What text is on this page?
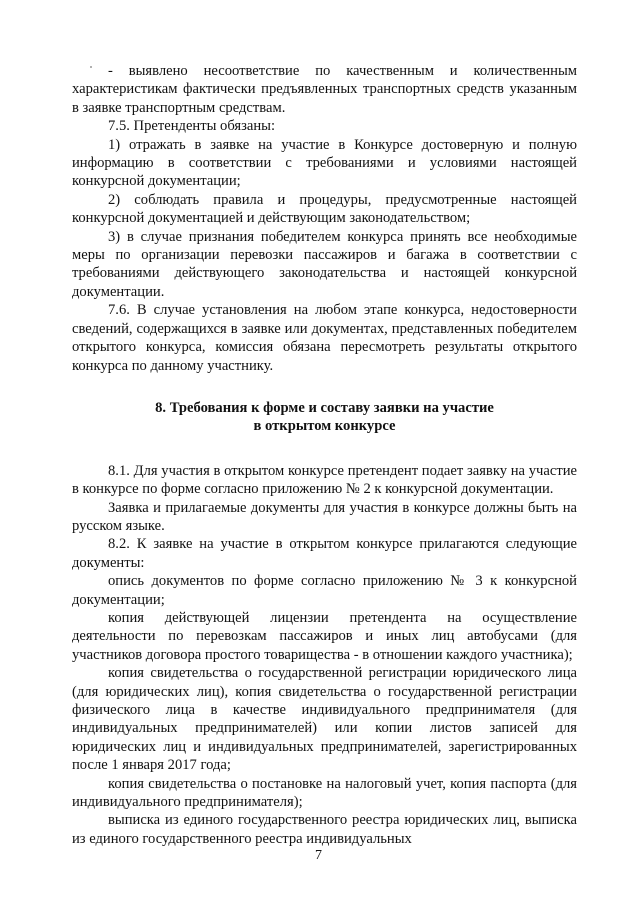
- выявлено несоответствие по качественным и количественным характеристикам фактически предъявленных транспортных средств указанным в заявке транспортным средствам.

7.5. Претенденты обязаны:

1) отражать в заявке на участие в Конкурсе достоверную и полную информацию в соответствии с требованиями и условиями настоящей конкурсной документации;

2) соблюдать правила и процедуры, предусмотренные настоящей конкурсной документацией и действующим законодательством;

3) в случае признания победителем конкурса принять все необходимые меры по организации перевозки пассажиров и багажа в соответствии с требованиями действующего законодательства и настоящей конкурсной документации.

7.6. В случае установления на любом этапе конкурса, недостоверности сведений, содержащихся в заявке или документах, представленных победителем открытого конкурса, комиссия обязана пересмотреть результаты открытого конкурса по данному участнику.

8. Требования к форме и составу заявки на участие
в открытом конкурсе

8.1. Для участия в открытом конкурсе претендент подает заявку на участие в конкурсе по форме согласно приложению № 2 к конкурсной документации.

Заявка и прилагаемые документы для участия в конкурсе должны быть на русском языке.

8.2. К заявке на участие в открытом конкурсе прилагаются следующие документы:

опись документов по форме согласно приложению № 3 к конкурсной документации;

копия действующей лицензии претендента на осуществление деятельности по перевозкам пассажиров и иных лиц автобусами (для участников договора простого товарищества - в отношении каждого участника);

копия свидетельства о государственной регистрации юридического лица (для юридических лиц), копия свидетельства о государственной регистрации физического лица в качестве индивидуального предпринимателя (для индивидуальных предпринимателей) или копии листов записей для юридических лиц и индивидуальных предпринимателей, зарегистрированных после 1 января 2017 года;

копия свидетельства о постановке на налоговый учет, копия паспорта (для индивидуального предпринимателя);

выписка из единого государственного реестра юридических лиц, выписка из единого государственного реестра индивидуальных

7
